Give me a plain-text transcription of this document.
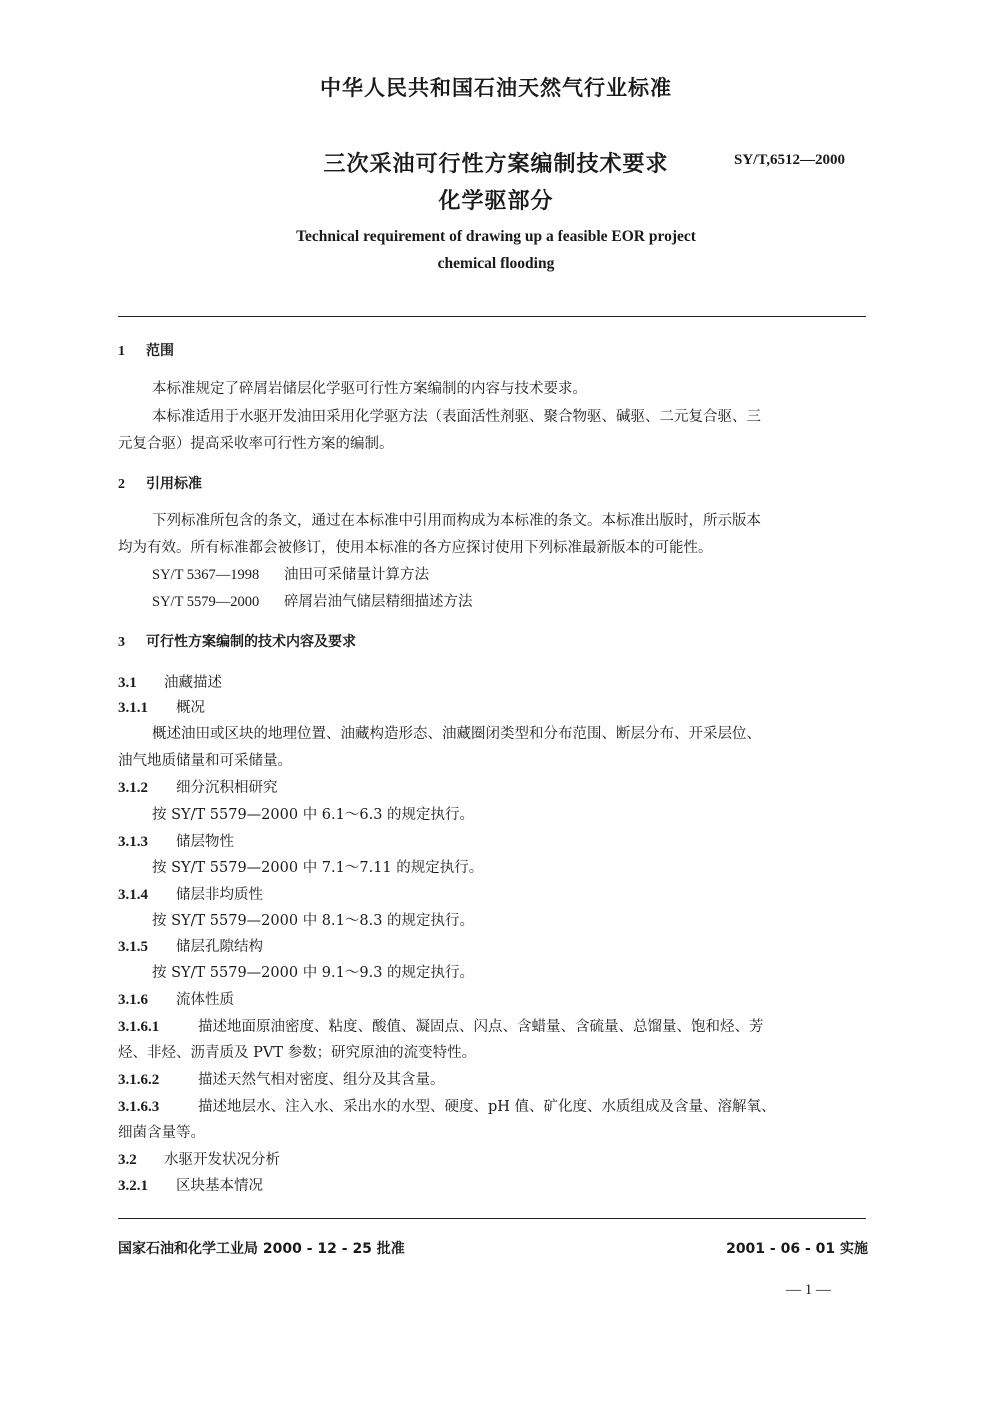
中华人民共和国石油天然气行业标准
三次采油可行性方案编制技术要求	SY/T,6512—2000
化学驱部分
Technical requirement of drawing up a feasible EOR project
chemical flooding
1 范围
本标准规定了碎屑岩储层化学驱可行性方案编制的内容与技术要求。
本标准适用于水驱开发油田采用化学驱方法（表面活性剂驱、聚合物驱、碱驱、二元复合驱、三
元复合驱）提高采收率可行性方案的编制。
2 引用标准
下列标准所包含的条文，通过在本标准中引用而构成为本标准的条文。本标准出版时，所示版本
均为有效。所有标准都会被修订，使用本标准的各方应探讨使用下列标准最新版本的可能性。
SY/T 5367—1998 油田可采储量计算方法
SY/T 5579—2000 碎屑岩油气储层精细描述方法
3 可行性方案编制的技术内容及要求
3.1 油藏描述
3.1.1 概况
概述油田或区块的地理位置、油藏构造形态、油藏圈闭类型和分布范围、断层分布、开采层位、
油气地质储量和可采储量。
3.1.2 细分沉积相研究
按 SY/T 5579—2000 中 6.1～6.3 的规定执行。
3.1.3 储层物性
按 SY/T 5579—2000 中 7.1～7.11 的规定执行。
3.1.4 储层非均质性
按 SY/T 5579—2000 中 8.1～8.3 的规定执行。
3.1.5 储层孔隙结构
按 SY/T 5579—2000 中 9.1～9.3 的规定执行。
3.1.6 流体性质
3.1.6.1	描述地面原油密度、粘度、酸值、凝固点、闪点、含蜡量、含硫量、总馏量、饱和烃、芳
烃、非烃、沥青质及 PVT 参数；研究原油的流变特性。
3.1.6.2	描述天然气相对密度、组分及其含量。
3.1.6.3	描述地层水、注入水、采出水的水型、硬度、pH 值、矿化度、水质组成及含量、溶解氧、
细菌含量等。
3.2 水驱开发状况分析
3.2.1 区块基本情况
国家石油和化学工业局 2000 - 12 - 25 批准	2001 - 06 - 01 实施
— 1 —
